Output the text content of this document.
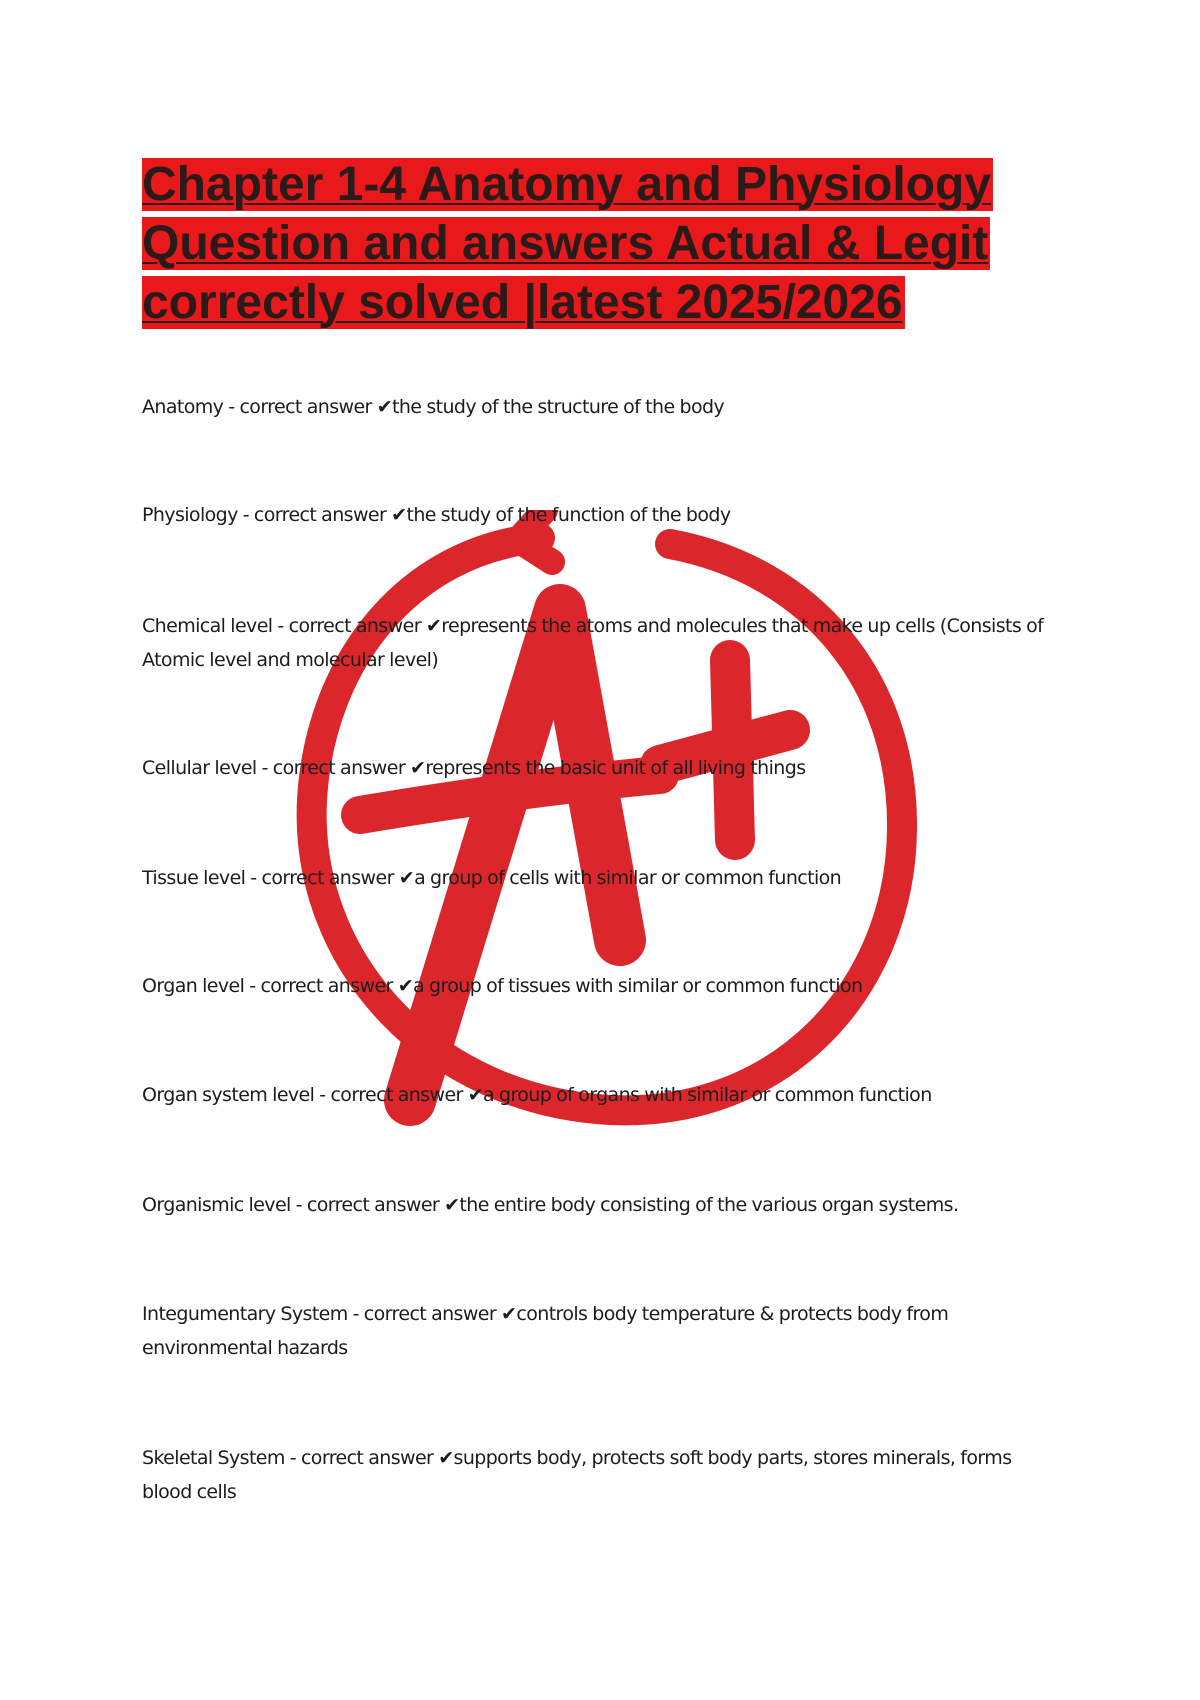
Chapter 1-4 Anatomy and Physiology
Question and answers Actual & Legit
correctly solved |latest 2025/2026
Anatomy - correct answer ✔the study of the structure of the body
Physiology - correct answer ✔the study of the function of the body
Chemical level - correct answer ✔represents the atoms and molecules that make up cells (Consists of Atomic level and molecular level)
Cellular level - correct answer ✔represents the basic unit of all living things
Tissue level - correct answer ✔a group of cells with similar or common function
Organ level - correct answer ✔a group of tissues with similar or common function
Organ system level - correct answer ✔a group of organs with similar or common function
Organismic level - correct answer ✔the entire body consisting of the various organ systems.
Integumentary System - correct answer ✔controls body temperature & protects body from environmental hazards
Skeletal System - correct answer ✔supports body, protects soft body parts, stores minerals, forms blood cells
